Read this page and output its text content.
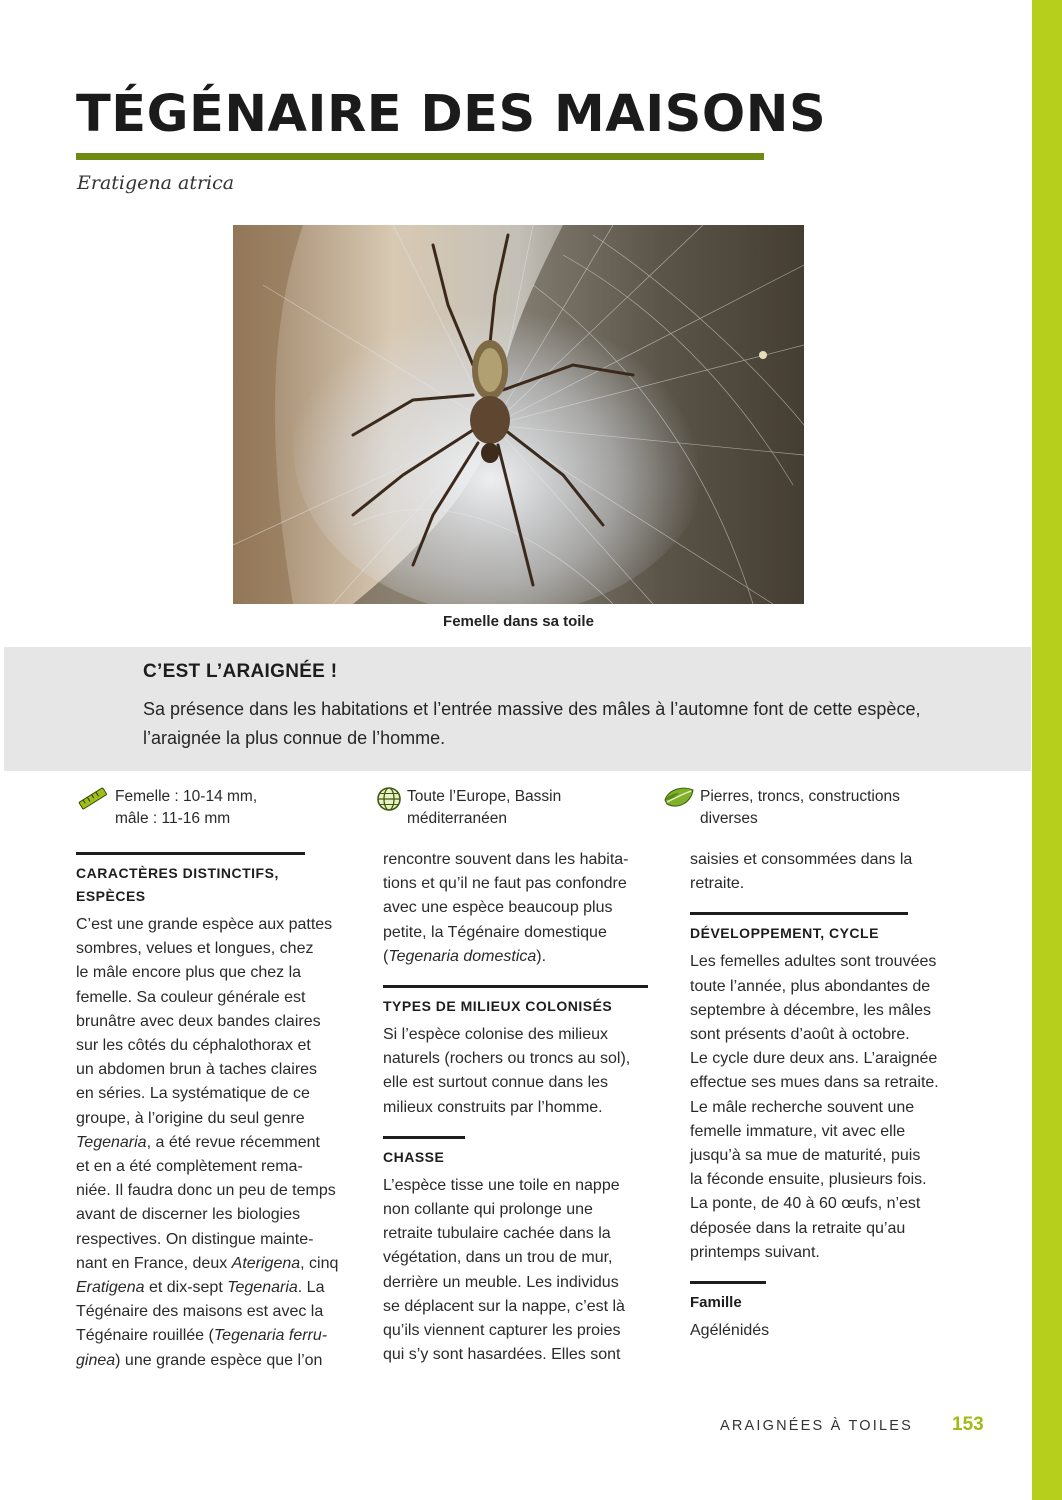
TÉGÉNAIRE DES MAISONS
Eratigena atrica
Femelle dans sa toile
C’EST L’ARAIGNÉE !
Sa présence dans les habitations et l’entrée massive des mâles à l’automne font de cette espèce, l’araignée la plus connue de l’homme.
Femelle : 10-14 mm,
mâle : 11-16 mm
Toute l’Europe, Bassin
méditerranéen
Pierres, troncs, constructions
diverses
CARACTÈRES DISTINCTIFS,
ESPÈCES

C’est une grande espèce aux pattes

sombres, velues et longues, chez

le mâle encore plus que chez la

femelle. Sa couleur générale est

brunâtre avec deux bandes claires

sur les côtés du céphalothorax et

un abdomen brun à taches claires

en séries. La systématique de ce

groupe, à l’origine du seul genre

Tegenaria, a été revue récemment

et en a été complètement rema-

niée. Il faudra donc un peu de temps

avant de discerner les biologies

respectives. On distingue mainte-

nant en France, deux Aterigena, cinq

Eratigena et dix-sept Tegenaria. La

Tégénaire des maisons est avec la

Tégénaire rouillée (Tegenaria ferru-

ginea) une grande espèce que l’on

rencontre souvent dans les habita-

tions et qu’il ne faut pas confondre

avec une espèce beaucoup plus

petite, la Tégénaire domestique

(Tegenaria domestica).

TYPES DE MILIEUX COLONISÉS

Si l’espèce colonise des milieux

naturels (rochers ou troncs au sol),

elle est surtout connue dans les

milieux construits par l’homme.

CHASSE

L’espèce tisse une toile en nappe

non collante qui prolonge une

retraite tubulaire cachée dans la

végétation, dans un trou de mur,

derrière un meuble. Les individus

se déplacent sur la nappe, c’est là

qu’ils viennent capturer les proies

qui s’y sont hasardées. Elles sont

saisies et consommées dans la

retraite.

DÉVELOPPEMENT, CYCLE

Les femelles adultes sont trouvées

toute l’année, plus abondantes de

septembre à décembre, les mâles

sont présents d’août à octobre.

Le cycle dure deux ans. L’araignée

effectue ses mues dans sa retraite.

Le mâle recherche souvent une

femelle immature, vit avec elle

jusqu’à sa mue de maturité, puis

la féconde ensuite, plusieurs fois.

La ponte, de 40 à 60 œufs, n’est

déposée dans la retraite qu’au

printemps suivant.

Famille

Agélénidés

ARAIGNÉES À TOILES 153
